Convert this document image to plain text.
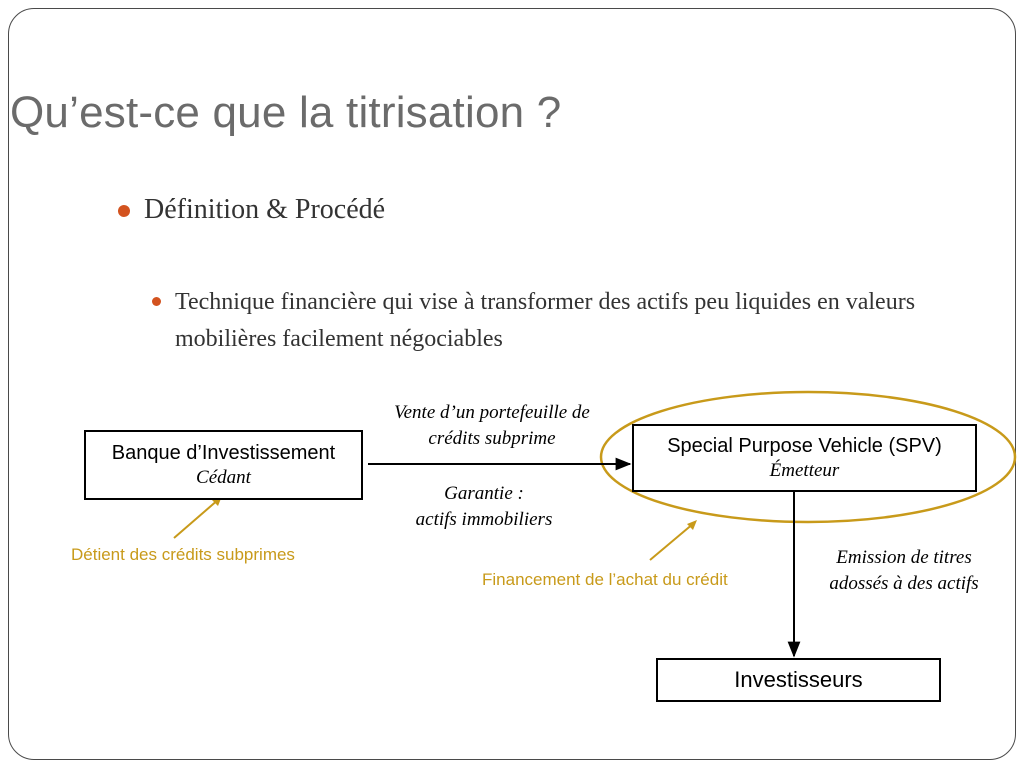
Qu’est-ce que la titrisation ?
Définition & Procédé
Technique financière qui vise à transformer des actifs peu liquides en valeurs mobilières facilement négociables
Banque d’Investissement
Cédant
Special Purpose Vehicle (SPV)
Émetteur
Investisseurs
Vente d’un portefeuille de
crédits subprime
Garantie :
actifs immobiliers
Emission de titres
adossés à des actifs
Détient des crédits subprimes
Financement de l’achat du crédit
